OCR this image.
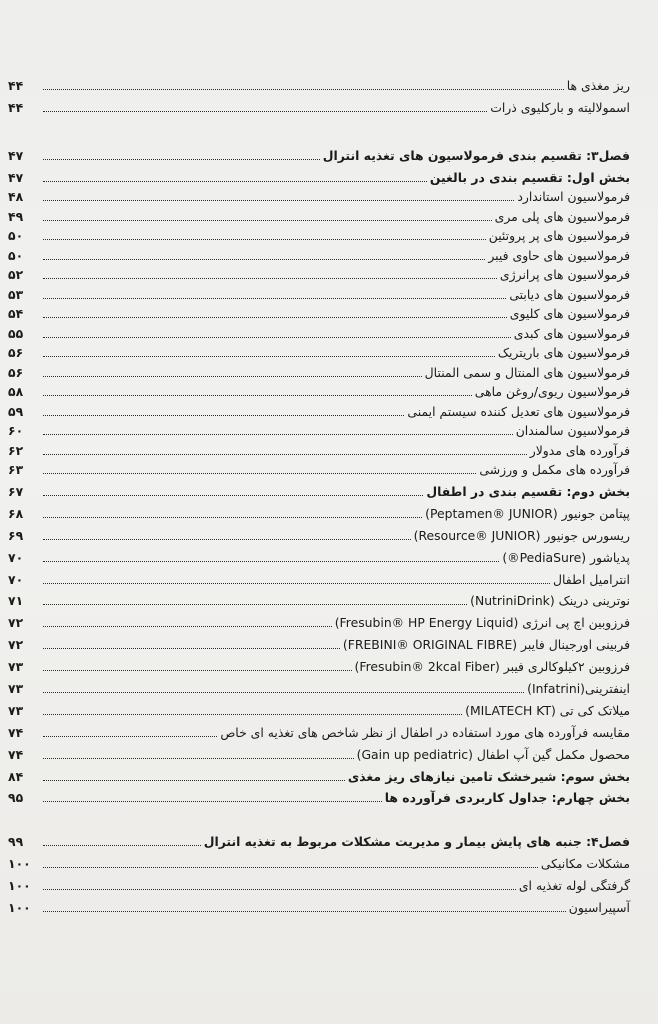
ریز مغذی ها
۴۴
اسمولالیته و بارکلیوی ذرات
۴۴
فصل۳: تقسیم بندی فرمولاسیون های تغذیه انترال
۴۷
بخش اول: تقسیم بندی در بالغین
۴۷
فرمولاسیون استاندارد
۴۸
فرمولاسیون های پلی مری
۴۹
فرمولاسیون های پر پروتئین
۵۰
فرمولاسیون های حاوی فیبر
۵۰
فرمولاسیون های پرانرژی
۵۲
فرمولاسیون های دیابتی
۵۳
فرمولاسیون های کلیوی
۵۴
فرمولاسیون های کبدی
۵۵
فرمولاسیون های باریتریک
۵۶
فرمولاسیون های المنتال و سمی المنتال
۵۶
فرمولاسیون ریوی/روغن ماهی
۵۸
فرمولاسیون های تعدیل کننده سیستم ایمنی
۵۹
فرمولاسیون سالمندان
۶۰
فرآورده های مدولار
۶۲
فرآورده های مکمل و ورزشی
۶۳
بخش دوم: تقسیم بندی در اطفال
۶۷
پپتامن جونیور (Peptamen® JUNIOR)
۶۸
ریسورس جونیور (Resource® JUNIOR)
۶۹
پدیاشور (PediaSure®)
۷۰
انترامیل اطفال
۷۰
نوترینی درینک (NutriniDrink)
۷۱
فرزوبین اچ پی انرژی (Fresubin® HP Energy Liquid)
۷۲
فربینی اورجینال فایبر (FREBINI® ORIGINAL FIBRE)
۷۲
فرزوبین ۲کیلوکالری فیبر (Fresubin® 2kcal Fiber)
۷۳
اینفترینی(Infatrini)
۷۳
میلاتک کی تی (MILATECH KT)
۷۳
مقایسه فرآورده های مورد استفاده در اطفال از نظر شاخص های تغذیه ای خاص
۷۴
محصول مکمل گین آپ اطفال (Gain up pediatric)
۷۴
بخش سوم: شیرخشک تامین نیازهای ریز مغذی
۸۴
بخش چهارم: جداول کاربردی فرآورده ها
۹۵
فصل۴: جنبه های پایش بیمار و مدیریت مشکلات مربوط به تغذیه انترال
۹۹
مشکلات مکانیکی
۱۰۰
گرفتگی لوله تغذیه ای
۱۰۰
آسپیراسیون
۱۰۰
